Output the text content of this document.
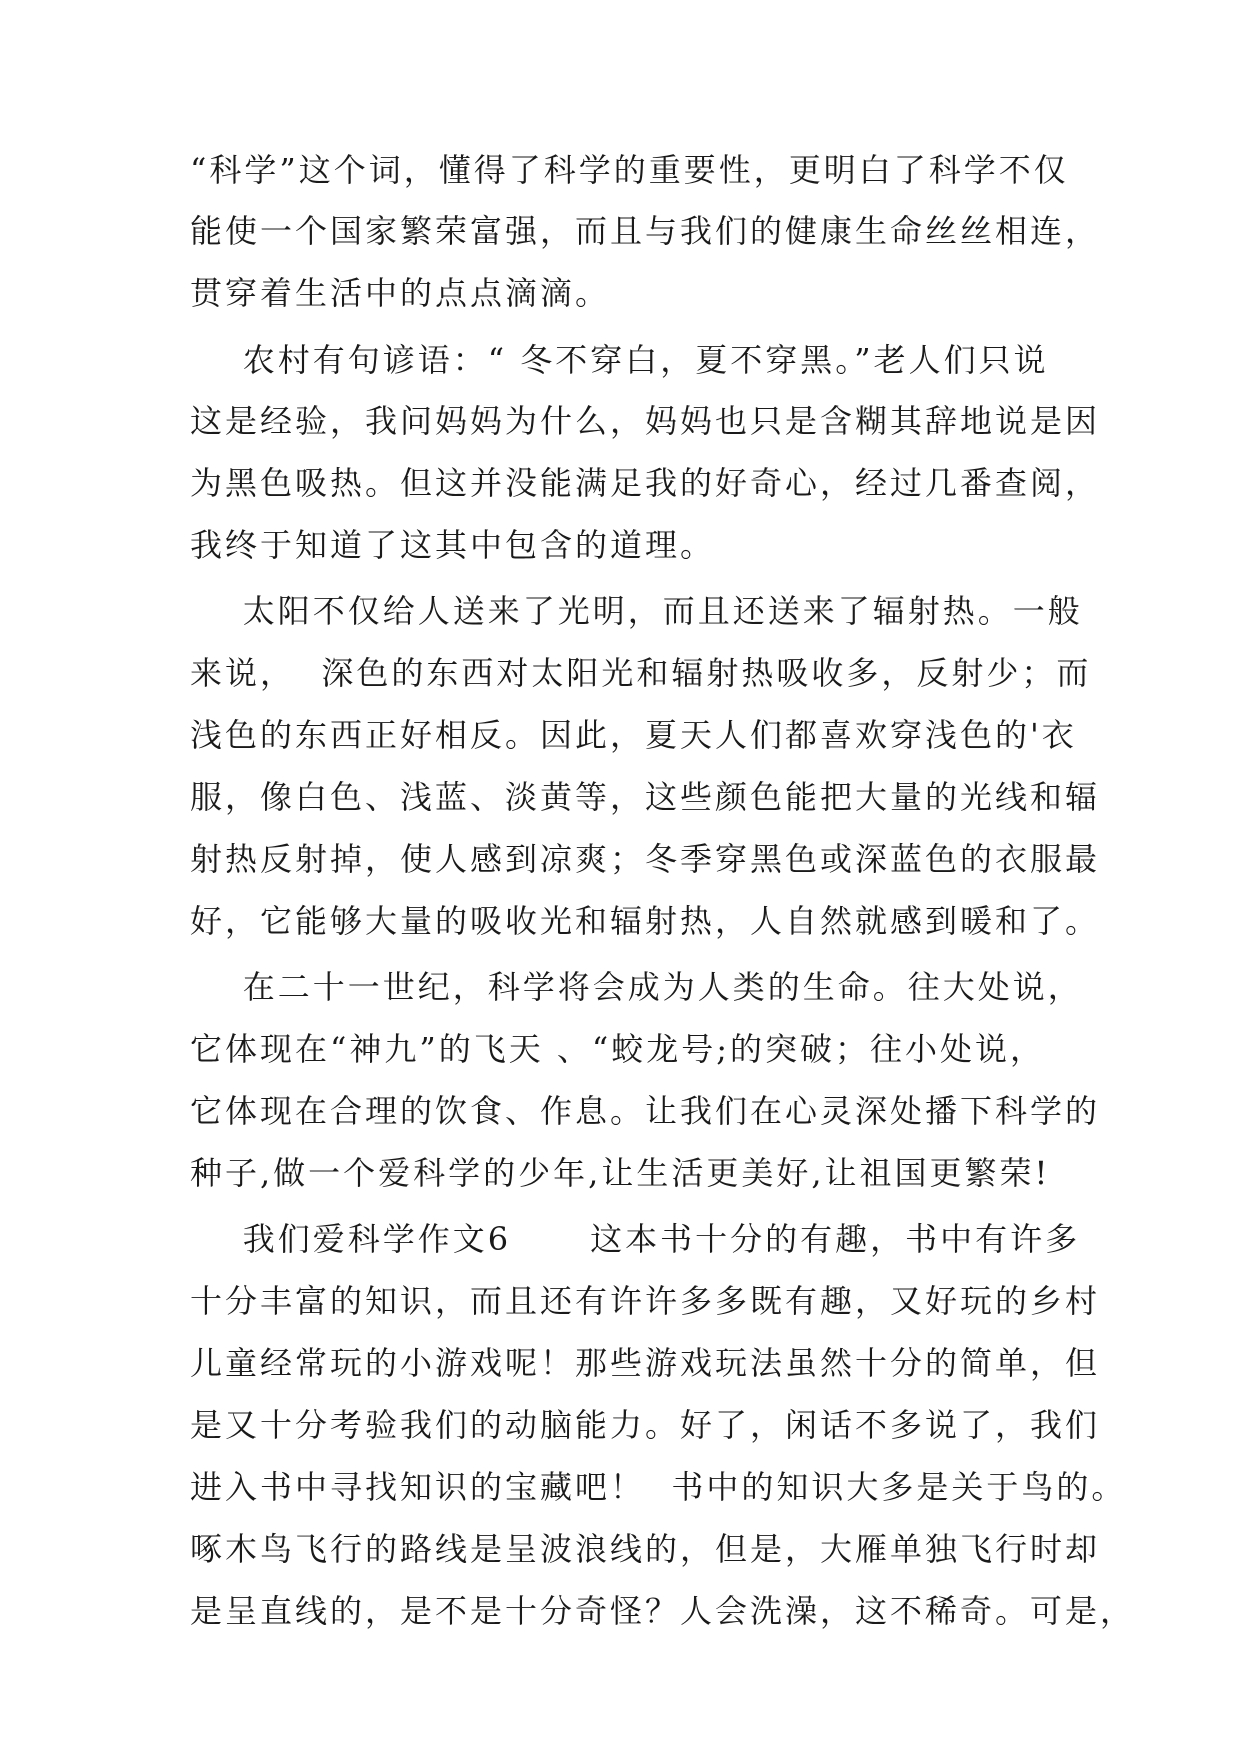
“科学”这个词，懂得了科学的重要性，更明白了科学不仅

能使一个国家繁荣富强，而且与我们的健康生命丝丝相连，

贯穿着生活中的点点滴滴。

农村有句谚语：“ 冬不穿白，夏不穿黑。”老人们只说

这是经验，我问妈妈为什么，妈妈也只是含糊其辞地说是因

为黑色吸热。但这并没能满足我的好奇心，经过几番查阅，

我终于知道了这其中包含的道理。

太阳不仅给人送来了光明，而且还送来了辐射热。一般

来说，  深色的东西对太阳光和辐射热吸收多，反射少；而

浅色的东西正好相反。因此，夏天人们都喜欢穿浅色的'衣

服，像白色、浅蓝、淡黄等，这些颜色能把大量的光线和辐

射热反射掉，使人感到凉爽；冬季穿黑色或深蓝色的衣服最

好，它能够大量的吸收光和辐射热，人自然就感到暖和了。

在二十一世纪，科学将会成为人类的生命。往大处说，

它体现在“神九”的飞天 、“蛟龙号;的突破；往小处说，

它体现在合理的饮食、作息。让我们在心灵深处播下科学的

种子,做一个爱科学的少年,让生活更美好,让祖国更繁荣!

我们爱科学作文6      这本书十分的有趣，书中有许多

十分丰富的知识，而且还有许许多多既有趣，又好玩的乡村

儿童经常玩的小游戏呢！那些游戏玩法虽然十分的简单，但

是又十分考验我们的动脑能力。好了，闲话不多说了，我们

进入书中寻找知识的宝藏吧！  书中的知识大多是关于鸟的。

啄木鸟飞行的路线是呈波浪线的，但是，大雁单独飞行时却

是呈直线的，是不是十分奇怪？人会洗澡，这不稀奇。可是，
